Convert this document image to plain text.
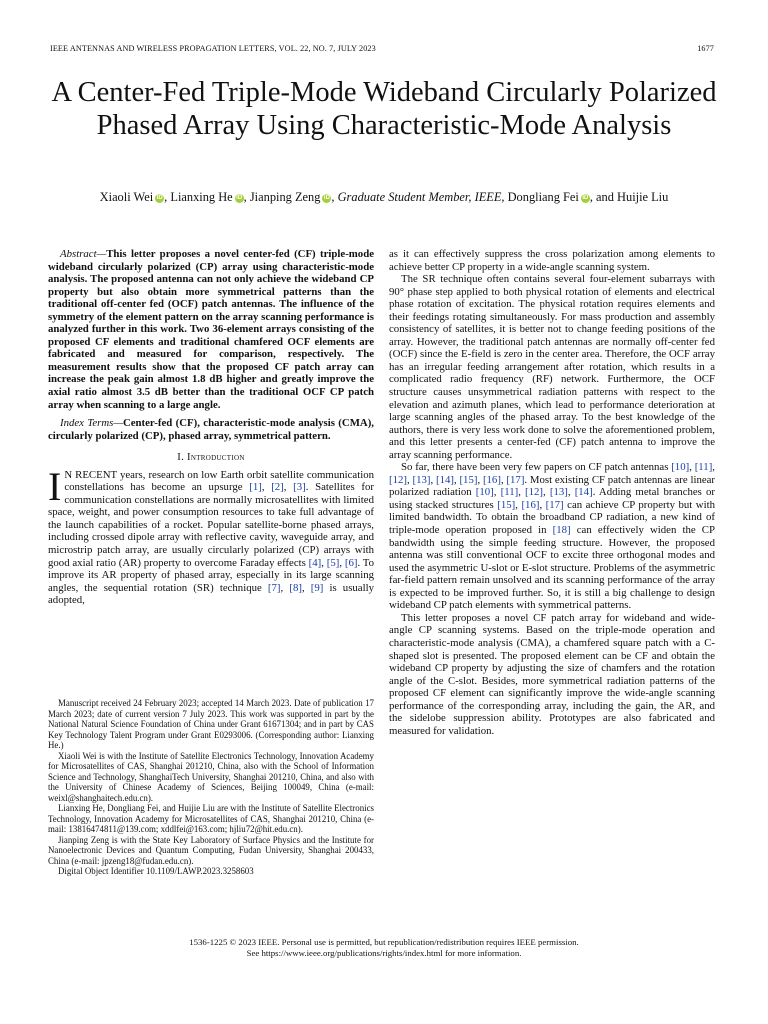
IEEE ANTENNAS AND WIRELESS PROPAGATION LETTERS, VOL. 22, NO. 7, JULY 2023	1677
A Center-Fed Triple-Mode Wideband Circularly Polarized Phased Array Using Characteristic-Mode Analysis
Xiaoli Wei iD , Lianxing He iD , Jianping Zeng iD , Graduate Student Member, IEEE, Dongliang Fei iD , and Huijie Liu

Abstract—This letter proposes a novel center-fed (CF) triple-mode wideband circularly polarized (CP) array using characteristic-mode analysis. The proposed antenna can not only achieve the wideband CP property but also obtain more symmetrical patterns than the traditional off-center fed (OCF) patch antennas. The influence of the symmetry of the element pattern on the array scanning performance is analyzed further in this work. Two 36-element arrays consisting of the proposed CF elements and traditional chamfered OCF elements are fabricated and measured for comparison, respectively. The measurement results show that the proposed CF patch array can increase the peak gain almost 1.8 dB higher and greatly improve the axial ratio almost 3.5 dB better than the traditional OCF CP patch array when scanning to a large angle.

Index Terms—Center-fed (CF), characteristic-mode analysis (CMA), circularly polarized (CP), phased array, symmetrical pattern.

I. Introduction

I N RECENT years, research on low Earth orbit satellite communication constellations has become an upsurge [1], [2], [3]. Satellites for communication constellations are normally microsatellites with limited space, weight, and power consumption resources to take full advantage of the launch capabilities of a rocket. Popular satellite-borne phased arrays, including crossed dipole array with reflective cavity, waveguide array, and microstrip patch array, are usually circularly polarized (CP) arrays with good axial ratio (AR) property to overcome Faraday effects [4], [5], [6]. To improve its AR property of phased array, especially in its large scanning angles, the sequential rotation (SR) technique [7], [8], [9] is usually adopted,

Manuscript received 24 February 2023; accepted 14 March 2023. Date of publication 17 March 2023; date of current version 7 July 2023. This work was supported in part by the National Natural Science Foundation of China under Grant 61671304; and in part by CAS Key Technology Talent Program under Grant E0293006. (Corresponding author: Lianxing He.)

Xiaoli Wei is with the Institute of Satellite Electronics Technology, Innovation Academy for Microsatellites of CAS, Shanghai 201210, China, also with the School of Information Science and Technology, ShanghaiTech University, Shanghai 201210, China, and also with the University of Chinese Academy of Sciences, Beijing 100049, China (e-mail: weixl@shanghaitech.edu.cn).

Lianxing He, Dongliang Fei, and Huijie Liu are with the Institute of Satellite Electronics Technology, Innovation Academy for Microsatellites of CAS, Shanghai 201210, China (e-mail: 13816474811@139.com; xddlfei@163.com; hjliu72@hit.edu.cn).

Jianping Zeng is with the State Key Laboratory of Surface Physics and the Institute for Nanoelectronic Devices and Quantum Computing, Fudan University, Shanghai 200433, China (e-mail: jpzeng18@fudan.edu.cn).

Digital Object Identifier 10.1109/LAWP.2023.3258603

as it can effectively suppress the cross polarization among elements to achieve better CP property in a wide-angle scanning system.

The SR technique often contains several four-element subarrays with 90° phase step applied to both physical rotation of elements and electrical phase rotation of excitation. The physical rotation requires elements and their feedings rotating simultaneously. For mass production and assembly consistency of satellites, it is better not to change feeding positions of the array. However, the traditional patch antennas are normally off-center fed (OCF) since the E-field is zero in the center area. Therefore, the OCF array has an irregular feeding arrangement after rotation, which results in a complicated radio frequency (RF) network. Furthermore, the OCF structure causes unsymmetrical radiation patterns with respect to the elevation and azimuth planes, which lead to performance deterioration at large scanning angles of the phased array. To the best knowledge of the authors, there is very less work done to solve the aforementioned problem, and this letter presents a center-fed (CF) patch antenna to improve the array scanning performance.

So far, there have been very few papers on CF patch antennas [10], [11], [12], [13], [14], [15], [16], [17]. Most existing CF patch antennas are linear polarized radiation [10], [11], [12], [13], [14]. Adding metal branches or using stacked structures [15], [16], [17] can achieve CP property but with limited bandwidth. To obtain the broadband CP radiation, a new kind of triple-mode operation proposed in [18] can effectively widen the CP bandwidth using the simple feeding structure. However, the proposed antenna was still conventional OCF to excite three orthogonal modes and used the asymmetric U-slot or E-slot structure. Problems of the asymmetric far-field pattern remain unsolved and its scanning performance of the array is expected to be improved further. So, it is still a big challenge to design wideband CP patch elements with symmetrical patterns.

This letter proposes a novel CF patch array for wideband and wide-angle CP scanning systems. Based on the triple-mode operation and characteristic-mode analysis (CMA), a chamfered square patch with a C-shaped slot is presented. The proposed element can be CF and obtain the wideband CP property by adjusting the size of chamfers and the rotation angle of the C-slot. Besides, more symmetrical radiation patterns of the proposed CF element can significantly improve the wide-angle scanning performance of the corresponding array, including the gain, the AR, and the sidelobe suppression ability. Prototypes are also fabricated and measured for validation.

1536-1225 © 2023 IEEE. Personal use is permitted, but republication/redistribution requires IEEE permission.
See https://www.ieee.org/publications/rights/index.html for more information.
